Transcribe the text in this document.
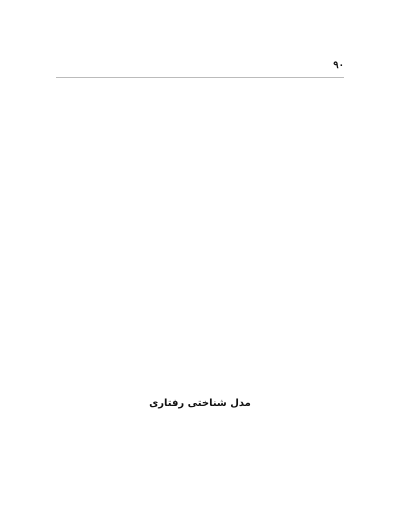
۹۰

مدل شناختی رفتاری
